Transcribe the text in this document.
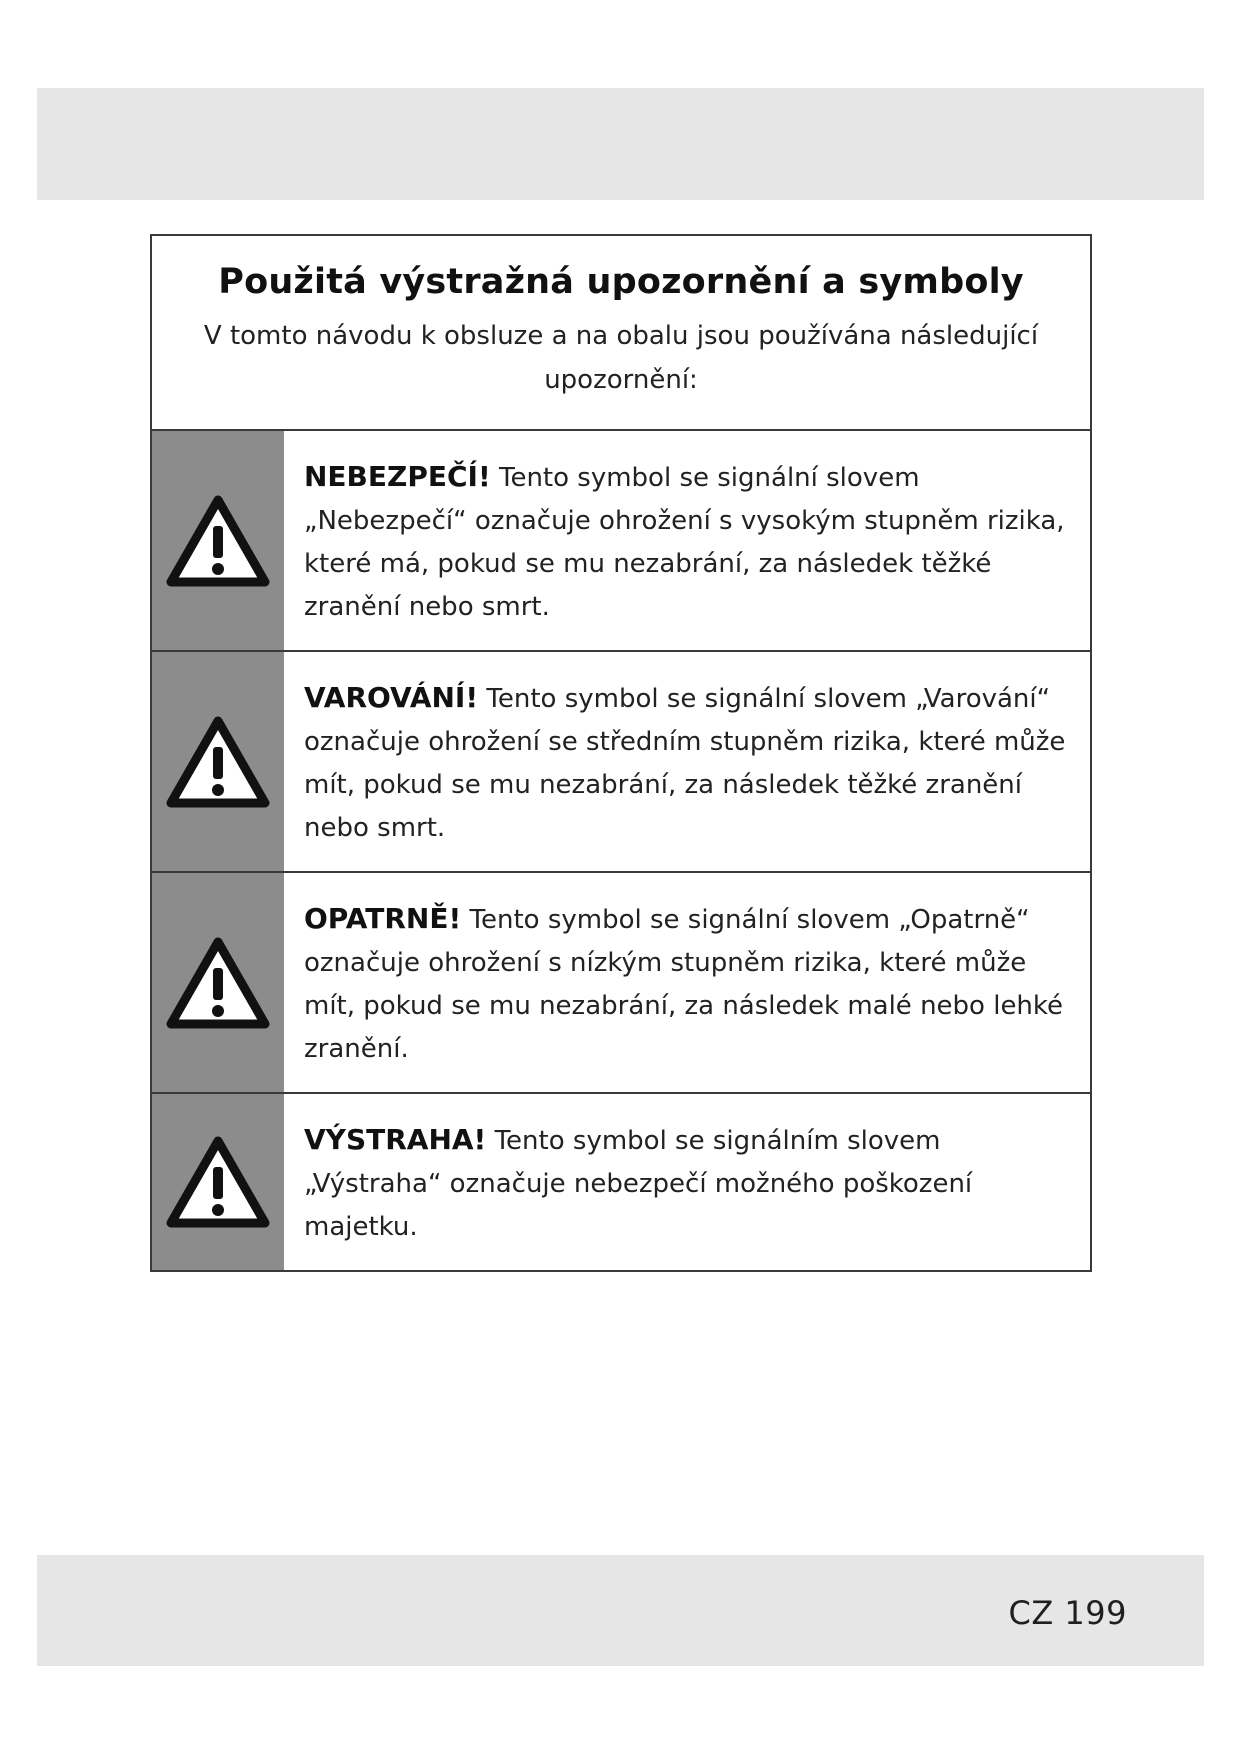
Použitá výstražná upozornění a symboly
V tomto návodu k obsluze a na obalu jsou používána následující upozornění:
NEBEZPEČÍ! Tento symbol se signální slovem „Nebezpečí“ označuje ohrožení s vysokým stupněm rizika, které má, pokud se mu nezabrání, za následek těžké zranění nebo smrt.
VAROVÁNÍ! Tento symbol se signální slovem „Varování“ označuje ohrožení se středním stupněm rizika, které může mít, pokud se mu nezabrání, za následek těžké zranění nebo smrt.
OPATRNĚ! Tento symbol se signální slovem „Opatrně“ označuje ohrožení s nízkým stupněm rizika, které může mít, pokud se mu nezabrání, za následek malé nebo lehké zranění.
VÝSTRAHA! Tento symbol se signálním slovem „Výstraha“ označuje nebezpečí možného poškození majetku.
CZ 199
